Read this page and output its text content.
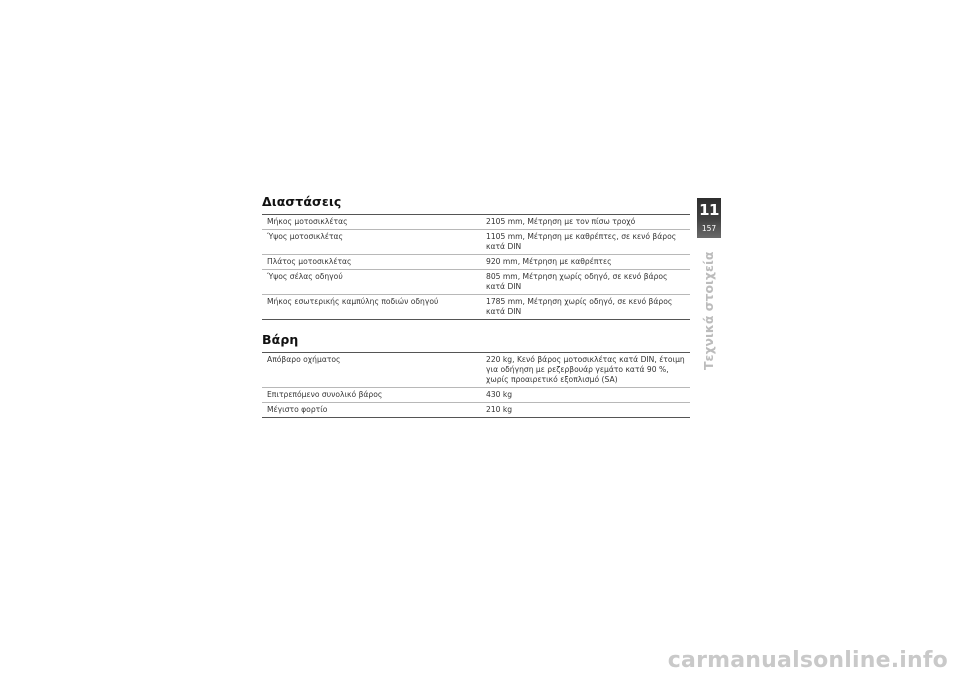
Διαστάσεις
Μήκος μοτοσικλέτας	2105 mm, Μέτρηση με τον πίσω τροχό
Ύψος μοτοσικλέτας	1105 mm, Μέτρηση με καθρέπτες, σε κενό βάρος κατά DIN
Πλάτος μοτοσικλέτας	920 mm, Μέτρηση με καθρέπτες
Ύψος σέλας οδηγού	805 mm, Μέτρηση χωρίς οδηγό, σε κενό βάρος κατά DIN
Μήκος εσωτερικής καμπύλης ποδιών οδηγού	1785 mm, Μέτρηση χωρίς οδηγό, σε κενό βάρος κατά DIN
Βάρη
Απόβαρο οχήματος	220 kg, Κενό βάρος μοτοσικλέτας κατά DIN, έτοιμη για οδήγηση με ρεζερβουάρ γεμάτο κατά 90 %, χωρίς προαιρετικό εξοπλισμό (SA)
Επιτρεπόμενο συνολικό βάρος	430 kg
Μέγιστο φορτίο	210 kg
11
157
Τεχνικά στοιχεία
carmanualsonline.info
